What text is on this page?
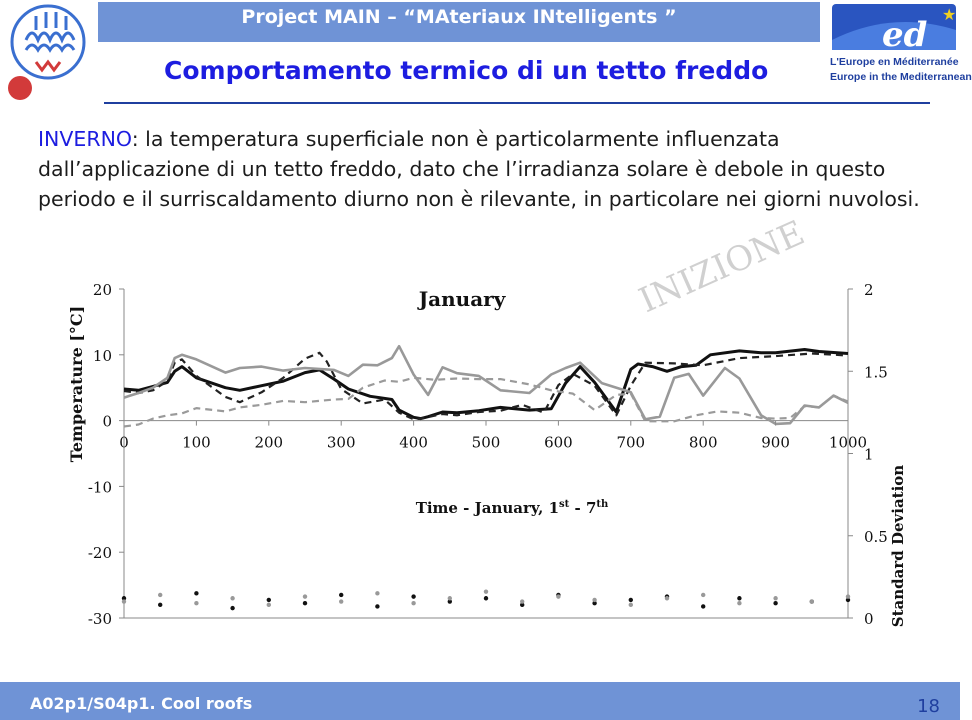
Project MAIN – “MAteriaux INtelligents ”	★
ed
L'Europe en Méditerranée
Europe in the Mediterranean
Comportamento termico di un tetto freddo
INVERNO: la temperatura superficiale non è particolarmente influenzata dall’applicazione di un tetto freddo, dato che l’irradianza solare è debole in questo periodo e il surriscaldamento diurno non è rilevante, in particolare nei giorni nuvolosi.
INIZIONE
January
20
10
0
-10
-20
-30
2
1.5
1
0.5
0
0	100	200	300	400	500	600	700	800	900	1000
Temperature [°C]
Standard Deviation
Time - January, 1st - 7th
A02p1/S04p1. Cool roofs	18
